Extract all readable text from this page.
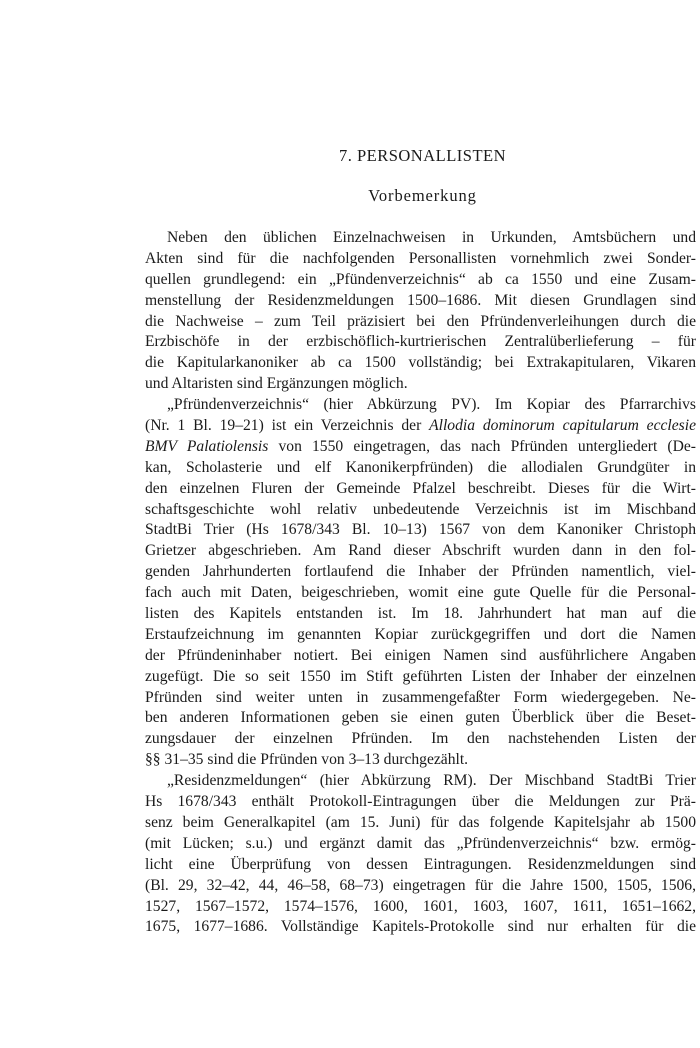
7. PERSONALLISTEN
Vorbemerkung
Neben den üblichen Einzelnachweisen in Urkunden, Amtsbüchern und
Akten sind für die nachfolgenden Personallisten vornehmlich zwei Sonder-
quellen grundlegend: ein „Pfündenverzeichnis“ ab ca 1550 und eine Zusam-
menstellung der Residenzmeldungen 1500–1686. Mit diesen Grundlagen sind
die Nachweise – zum Teil präzisiert bei den Pfründenverleihungen durch die
Erzbischöfe in der erzbischöflich-kurtrierischen Zentralüberlieferung – für
die Kapitularkanoniker ab ca 1500 vollständig; bei Extrakapitularen, Vikaren
und Altaristen sind Ergänzungen möglich.
„Pfründenverzeichnis“ (hier Abkürzung PV). Im Kopiar des Pfarrarchivs
(Nr. 1 Bl. 19–21) ist ein Verzeichnis der Allodia dominorum capitularum ecclesie
BMV Palatiolensis von 1550 eingetragen, das nach Pfründen untergliedert (De-
kan, Scholasterie und elf Kanonikerpfründen) die allodialen Grundgüter in
den einzelnen Fluren der Gemeinde Pfalzel beschreibt. Dieses für die Wirt-
schaftsgeschichte wohl relativ unbedeutende Verzeichnis ist im Mischband
StadtBi Trier (Hs 1678/343 Bl. 10–13) 1567 von dem Kanoniker Christoph
Grietzer abgeschrieben. Am Rand dieser Abschrift wurden dann in den fol-
genden Jahrhunderten fortlaufend die Inhaber der Pfründen namentlich, viel-
fach auch mit Daten, beigeschrieben, womit eine gute Quelle für die Personal-
listen des Kapitels entstanden ist. Im 18. Jahrhundert hat man auf die
Erstaufzeichnung im genannten Kopiar zurückgegriffen und dort die Namen
der Pfründeninhaber notiert. Bei einigen Namen sind ausführlichere Angaben
zugefügt. Die so seit 1550 im Stift geführten Listen der Inhaber der einzelnen
Pfründen sind weiter unten in zusammengefaßter Form wiedergegeben. Ne-
ben anderen Informationen geben sie einen guten Überblick über die Beset-
zungsdauer der einzelnen Pfründen. Im den nachstehenden Listen der
§§ 31–35 sind die Pfründen von 3–13 durchgezählt.
„Residenzmeldungen“ (hier Abkürzung RM). Der Mischband StadtBi Trier
Hs 1678/343 enthält Protokoll-Eintragungen über die Meldungen zur Prä-
senz beim Generalkapitel (am 15. Juni) für das folgende Kapitelsjahr ab 1500
(mit Lücken; s.u.) und ergänzt damit das „Pfründenverzeichnis“ bzw. ermög-
licht eine Überprüfung von dessen Eintragungen. Residenzmeldungen sind
(Bl. 29, 32–42, 44, 46–58, 68–73) eingetragen für die Jahre 1500, 1505, 1506,
1527, 1567–1572, 1574–1576, 1600, 1601, 1603, 1607, 1611, 1651–1662,
1675, 1677–1686. Vollständige Kapitels-Protokolle sind nur erhalten für die
